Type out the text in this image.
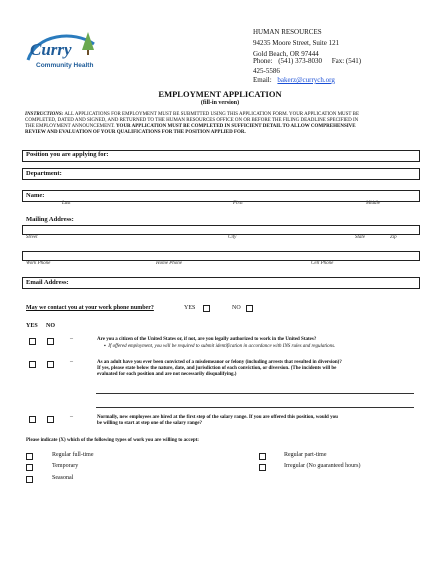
Curry
Community Health
HUMAN RESOURCES
94235 Moore Street, Suite 121
Gold Beach, OR 97444
Phone: (541) 373-8030 Fax: (541)
425-5586
Email: bakerz@currych.org
EMPLOYMENT APPLICATION
(fill-in version)
INSTRUCTIONS: ALL APPLICATIONS FOR EMPLOYMENT MUST BE SUBMITTED USING THIS APPLICATION FORM. YOUR APPLICATION MUST BE
COMPLETED, DATED AND SIGNED, AND RETURNED TO THE HUMAN RESOURCES OFFICE ON OR BEFORE THE FILING DEADLINE SPECIFIED IN
THE EMPLOYMENT ANNOUNCEMENT. YOUR APPLICATION MUST BE COMPLETED IN SUFFICIENT DETAIL TO ALLOW COMPREHENSIVE
REVIEW AND EVALUATION OF YOUR QUALIFICATIONS FOR THE POSITION APPLIED FOR.
Position you are applying for:
Department:
Name:
Last	First	Middle
Mailing Address:
Street	City	State	Zip
Work Phone	Home Phone	Cell Phone
Email Address:
May we contact you at your work phone number?	YES	NO
YES NO
–	Are you a citizen of the United States or, if not, are you legally authorized to work in the United States?
▪  If offered employment, you will be required to submit identification in accordance with INS rules and regulations.
–	As an adult have you ever been convicted of a misdemeanor or felony (including arrests that resulted in diversion)?
If yes, please state below the nature, date, and jurisdiction of each conviction, or diversion. (The incidents will be
evaluated for each position and are not necessarily disqualifying.)
–	Normally, new employees are hired at the first step of the salary range. If you are offered this position, would you
be willing to start at step one of the salary range?
Please indicate (X) which of the following types of work you are willing to accept:
Regular full-time	Regular part-time
Temporary	Irregular (No guaranteed hours)
Seasonal
